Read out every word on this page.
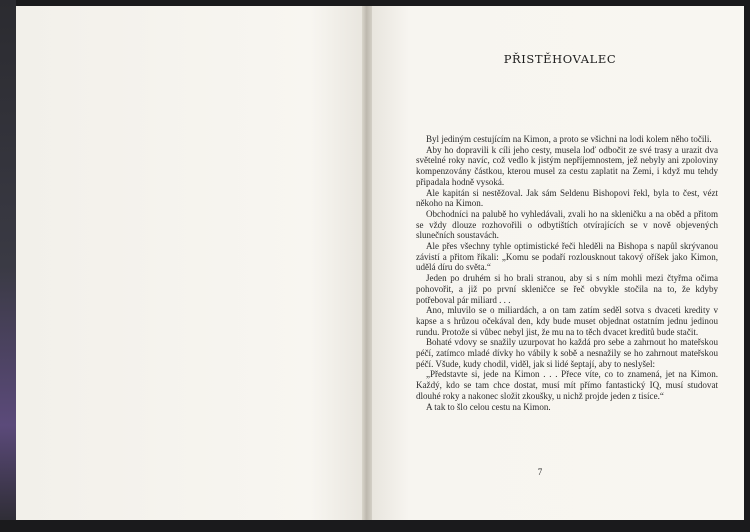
PŘISTĚHOVALEC

Byl jediným cestujícím na Kimon, a proto se všichni na lodi kolem něho točili.

Aby ho dopravili k cíli jeho cesty, musela loď odbočit ze své trasy a urazit dva světelné roky navíc, což vedlo k jistým nepříjemnostem, jež nebyly ani zpoloviny kompenzovány částkou, kterou musel za cestu zaplatit na Zemi, i když mu tehdy připadala hodně vysoká.

Ale kapitán si nestěžoval. Jak sám Seldenu Bishopovi řekl, byla to čest, vézt někoho na Kimon.

Obchodníci na palubě ho vyhledávali, zvali ho na skleničku a na oběd a přitom se vždy dlouze rozhovořili o odbytištích otvírajících se v nově objevených slunečních soustavách.

Ale přes všechny tyhle optimistické řeči hleděli na Bishopa s napůl skrývanou závistí a přitom říkali: „Komu se podaří rozlousknout takový oříšek jako Kimon, udělá díru do světa.“

Jeden po druhém si ho brali stranou, aby si s ním mohli mezi čtyřma očima pohovořit, a již po první skleničce se řeč obvykle stočila na to, že kdyby potřeboval pár miliard . . .

Ano, mluvilo se o miliardách, a on tam zatím seděl sotva s dvaceti kredity v kapse a s hrůzou očekával den, kdy bude muset objednat ostatním jednu jedinou rundu. Protože si vůbec nebyl jist, že mu na to těch dvacet kreditů bude stačit.

Bohaté vdovy se snažily uzurpovat ho každá pro sebe a zahrnout ho mateřskou péčí, zatímco mladé dívky ho vábily k sobě a nesnažily se ho zahrnout mateřskou péčí. Všude, kudy chodil, viděl, jak si lidé šeptají, aby to neslyšel:

„Představte si, jede na Kimon . . . Přece víte, co to znamená, jet na Kimon. Každý, kdo se tam chce dostat, musí mít přímo fantastický IQ, musí studovat dlouhé roky a nakonec složit zkoušky, u nichž projde jeden z tisíce.“

A tak to šlo celou cestu na Kimon.

7
